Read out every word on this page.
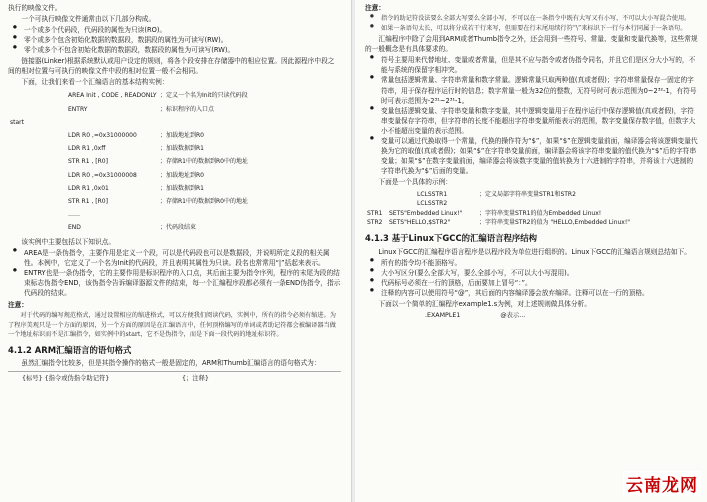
执行的映像文件。

一个可执行映像文件通常由以下几部分构成。

● 一个或多个代码段，代码段的属性为只读(RO)。
● 零个或多个包含初始化数据的数据段，数据段的属性为可读写(RW)。
● 零个或多个不包含初始化数据的数据段，数据段的属性为可读写(RW)。

链接器(Linker)根据系统默认或用户设定的规则，将各个段安排在存储器中的相应位置。因此源程序中段之间的相对位置与可执行的映像文件中段的相对位置一般不会相同。

下面，让我们来看一个汇编语言的基本结构实例：

AREA Init , CODE , READONLY ；定义一个名为Init的只读代码段
ENTRY	；标识程序的入口点
start
LDR R0 ,=0x31000000	；加载地址到R0
LDR R1 ,0xff	；加载数据到R1
STR R1 , [R0]	；存储R1中的数据到R0中的地址
LDR R0 ,=0x31000008	；加载地址到R0
LDR R1 ,0x01	；加载数据到R1
STR R1 , [R0]	；存储R1中的数据到R0中的地址
……
END	；代码段结束

该实例中主要包括以下知识点。

● AREA是一条伪指令，主要作用是定义一个段，可以是代码段也可以是数据段，并说明所定义段的相关属性。本例中，它定义了一个名为Init的代码段，并且表明其属性为只读。段名也常常用“|”括起来表示。
● ENTRY也是一条伪指令，它的主要作用是标识程序的入口点，其后面主要为指令序列，程序的末尾为段的结束标志伪指令END，该伪指令告诉编译器源文件的结束，每一个汇编程序段都必须有一条END伪指令，指示代码段的结束。

注意：

对于代码的编写规范格式，通过设置相应的缩进格式，可以方便我们阅读代码，实例中，所有的指令必须有缩进。为了程序美观只是一个方面的原因，另一个方面的原因是在汇编语言中，任何顶格编写的单词或者助记符都会被编译器当做一个地址标识而不是汇编指令，如实例中的start，它不是伪指令，而是下面一段代码的地址标识符。

4.1.2 ARM汇编语言的语句格式

虽然汇编指令比较多，但是其指令操作的格式一般是固定的，ARM和Thumb汇编语言的语句格式为：

{标号} {指令或伪指令助记符}	{；注释}

注意：

● 指令的助记符没法要么全部大写要么全部小写，不可以在一条指令中既有大写又有小写，不可以大小写混合使用。
● 如果一条语句太长，可以将分成若干行来写，但需要在行末尾用续行符“\”来标识下一行与本行同属于一条语句。

汇编程序中除了会用到ARM或者Thumb指令之外，还会用到一些符号、常量、变量和变量代换等，这些常规的一般概念是有具体要求的。

● 符号主要用来代替地址、变量或者常量，但是其不应与指令或者伪指令同名，并且它们是区分大小写的，不能与系统的保留字相冲突。
● 常量包括逻辑常量、字符串常量和数字常量。逻辑常量只取两种值(真或者假)；字符串常量保存一固定的字符串，用于保存程序运行时的信息；数字常量一般为32位的整数，无符号时可表示范围为0~2³²-1，有符号时可表示范围为-2³¹~2³¹-1。
● 变量包括逻辑变量、字符串变量和数字变量，其中逻辑变量用于在程序运行中保存逻辑值(真或者假)，字符串变量保存字符串，但字符串的长度不能超出字符串变量所能表示的范围，数字变量保存数字值，但数字大小不能超出变量的表示范围。
● 变量可以通过代换取得一个常量，代换的操作符为“$”，如果“$”在逻辑变量前面，编译器会将该逻辑变量代换为它的取值(真或者假)；如果“$”在字符串变量前面，编译器会将该字符串变量的值代换为“$”后的字符串变量；如果“$”在数字变量前面，编译器会将该数字变量的值转换为十六进制的字符串，并将该十六进制的字符串代换为“$”后面的变量。

下面是一个具体的示例：

LCLSSTR1	；定义局部字符串变量STR1和STR2
LCLSSTR2
STR1	SETS"Embedded Linux!"	；字符串变量STR1的值为Embedded Linux!
STR2	SETS"HELLO,$STR2"	；字符串变量STR2的值为 "HELLO,Embedded Linux!"
4.1.3 基于Linux下GCC的汇编语言程序结构

Linux下GCC的汇编程序语言程序是以程序段为单位进行组织的。Linux下GCC的汇编语言规则总结如下。

● 所有的指令均不能顶格写。
● 大小写区分(要么全部大写，要么全部小写，不可以大小写混用)。
● 代码标号必须在一行的顶格，后面要加上冒号“：”。
● 注释的内容可以使用符号“@”，其后面的内容编译器会放弃编译。注释可以在一行的顶格。

下面以一个简单的汇编程序example1.s为例，对上述规则做具体分析。

.EXAMPLE1	@表示...
云南龙网
